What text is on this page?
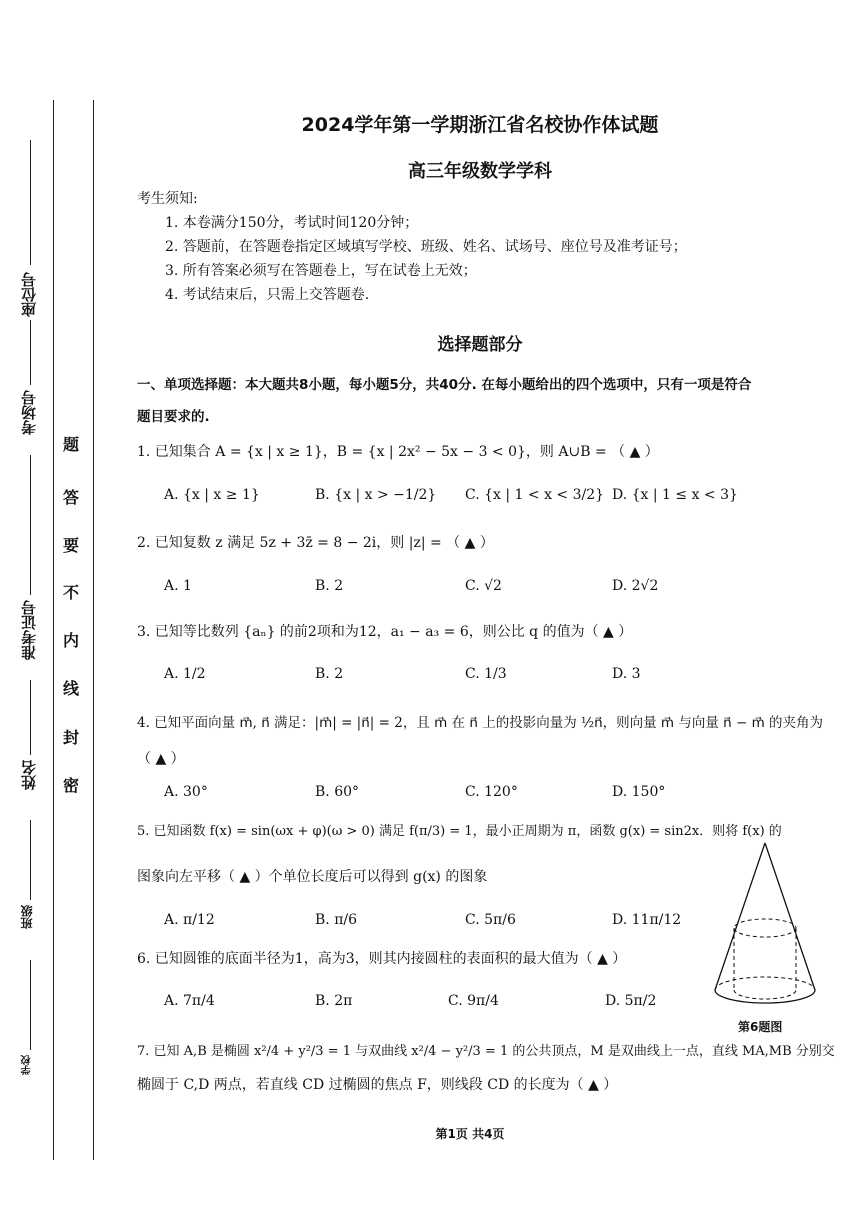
座位号
考场号
准考证号
姓名
班级
学校
题
答
要
不
内
线
封
密
2024学年第一学期浙江省名校协作体试题
高三年级数学学科
考生须知:
1. 本卷满分150分，考试时间120分钟；
2. 答题前，在答题卷指定区域填写学校、班级、姓名、试场号、座位号及准考证号；
3. 所有答案必须写在答题卷上，写在试卷上无效；
4. 考试结束后，只需上交答题卷.
选择题部分
一、单项选择题：本大题共8小题，每小题5分，共40分. 在每小题给出的四个选项中，只有一项是符合
题目要求的.
1. 已知集合 A = {x | x ≥ 1}，B = {x | 2x² − 5x − 3 < 0}，则 A∪B = （ ▲ ）
A. {x | x ≥ 1}	B. {x | x > −1/2} C. {x | 1 < x < 3/2} D. {x | 1 ≤ x < 3}
2. 已知复数 z 满足 5z + 3z̄ = 8 − 2i，则 |z| = （ ▲ ）
A. 1	B. 2	C. √2	D. 2√2
3. 已知等比数列 {aₙ} 的前2项和为12，a₁ − a₃ = 6，则公比 q 的值为（ ▲ ）
A. 1/2	B. 2	C. 1/3	D. 3
4. 已知平面向量 m⃗, n⃗ 满足：|m⃗| = |n⃗| = 2，且 m⃗ 在 n⃗ 上的投影向量为 ½n⃗，则向量 m⃗ 与向量 n⃗ − m⃗ 的夹角为
（ ▲ ）
A. 30°	B. 60°	C. 120°	D. 150°
5. 已知函数 f(x) = sin(ωx + φ)(ω > 0) 满足 f(π/3) = 1，最小正周期为 π，函数 g(x) = sin2x．则将 f(x) 的
图象向左平移（ ▲ ）个单位长度后可以得到 g(x) 的图象
A. π/12	B. π/6	C. 5π/6	D. 11π/12
6. 已知圆锥的底面半径为1，高为3，则其内接圆柱的表面积的最大值为（ ▲ ）
A. 7π/4	B. 2π	C. 9π/4	D. 5π/2
7. 已知 A,B 是椭圆 x²/4 + y²/3 = 1 与双曲线 x²/4 − y²/3 = 1 的公共顶点，M 是双曲线上一点，直线 MA,MB 分别交
椭圆于 C,D 两点，若直线 CD 过椭圆的焦点 F，则线段 CD 的长度为（ ▲ ）
第6题图
第1页 共4页
